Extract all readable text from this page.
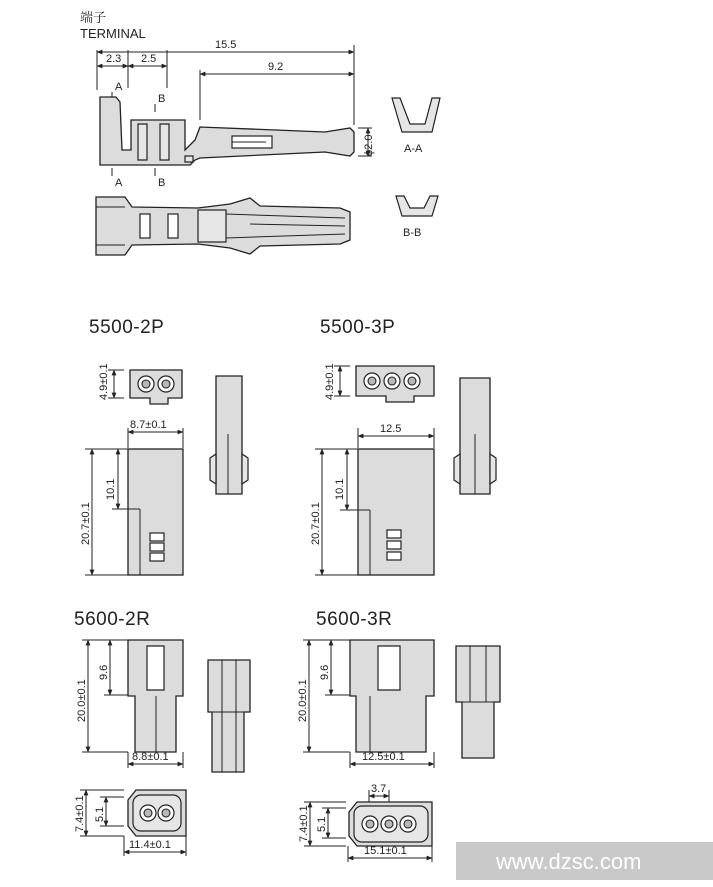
端子
TERMINAL
15.5
2.3 2.5
9.2
A
A
B
B
ϕ2.0	A-A
B-B
5500-2P
4.9±0.1
8.7±0.1
20.7±0.1
10.1
5500-3P
4.9±0.1
12.5
20.7±0.1
10.1
5600-2R
20.0±0.1
9.6
8.8±0.1
7.4±0.1 5.1
11.4±0.1
5600-3R
20.0±0.1
9.6
12.5±0.1
3.7
7.4±0.1 5.1
15.1±0.1	www.dzsc.com
